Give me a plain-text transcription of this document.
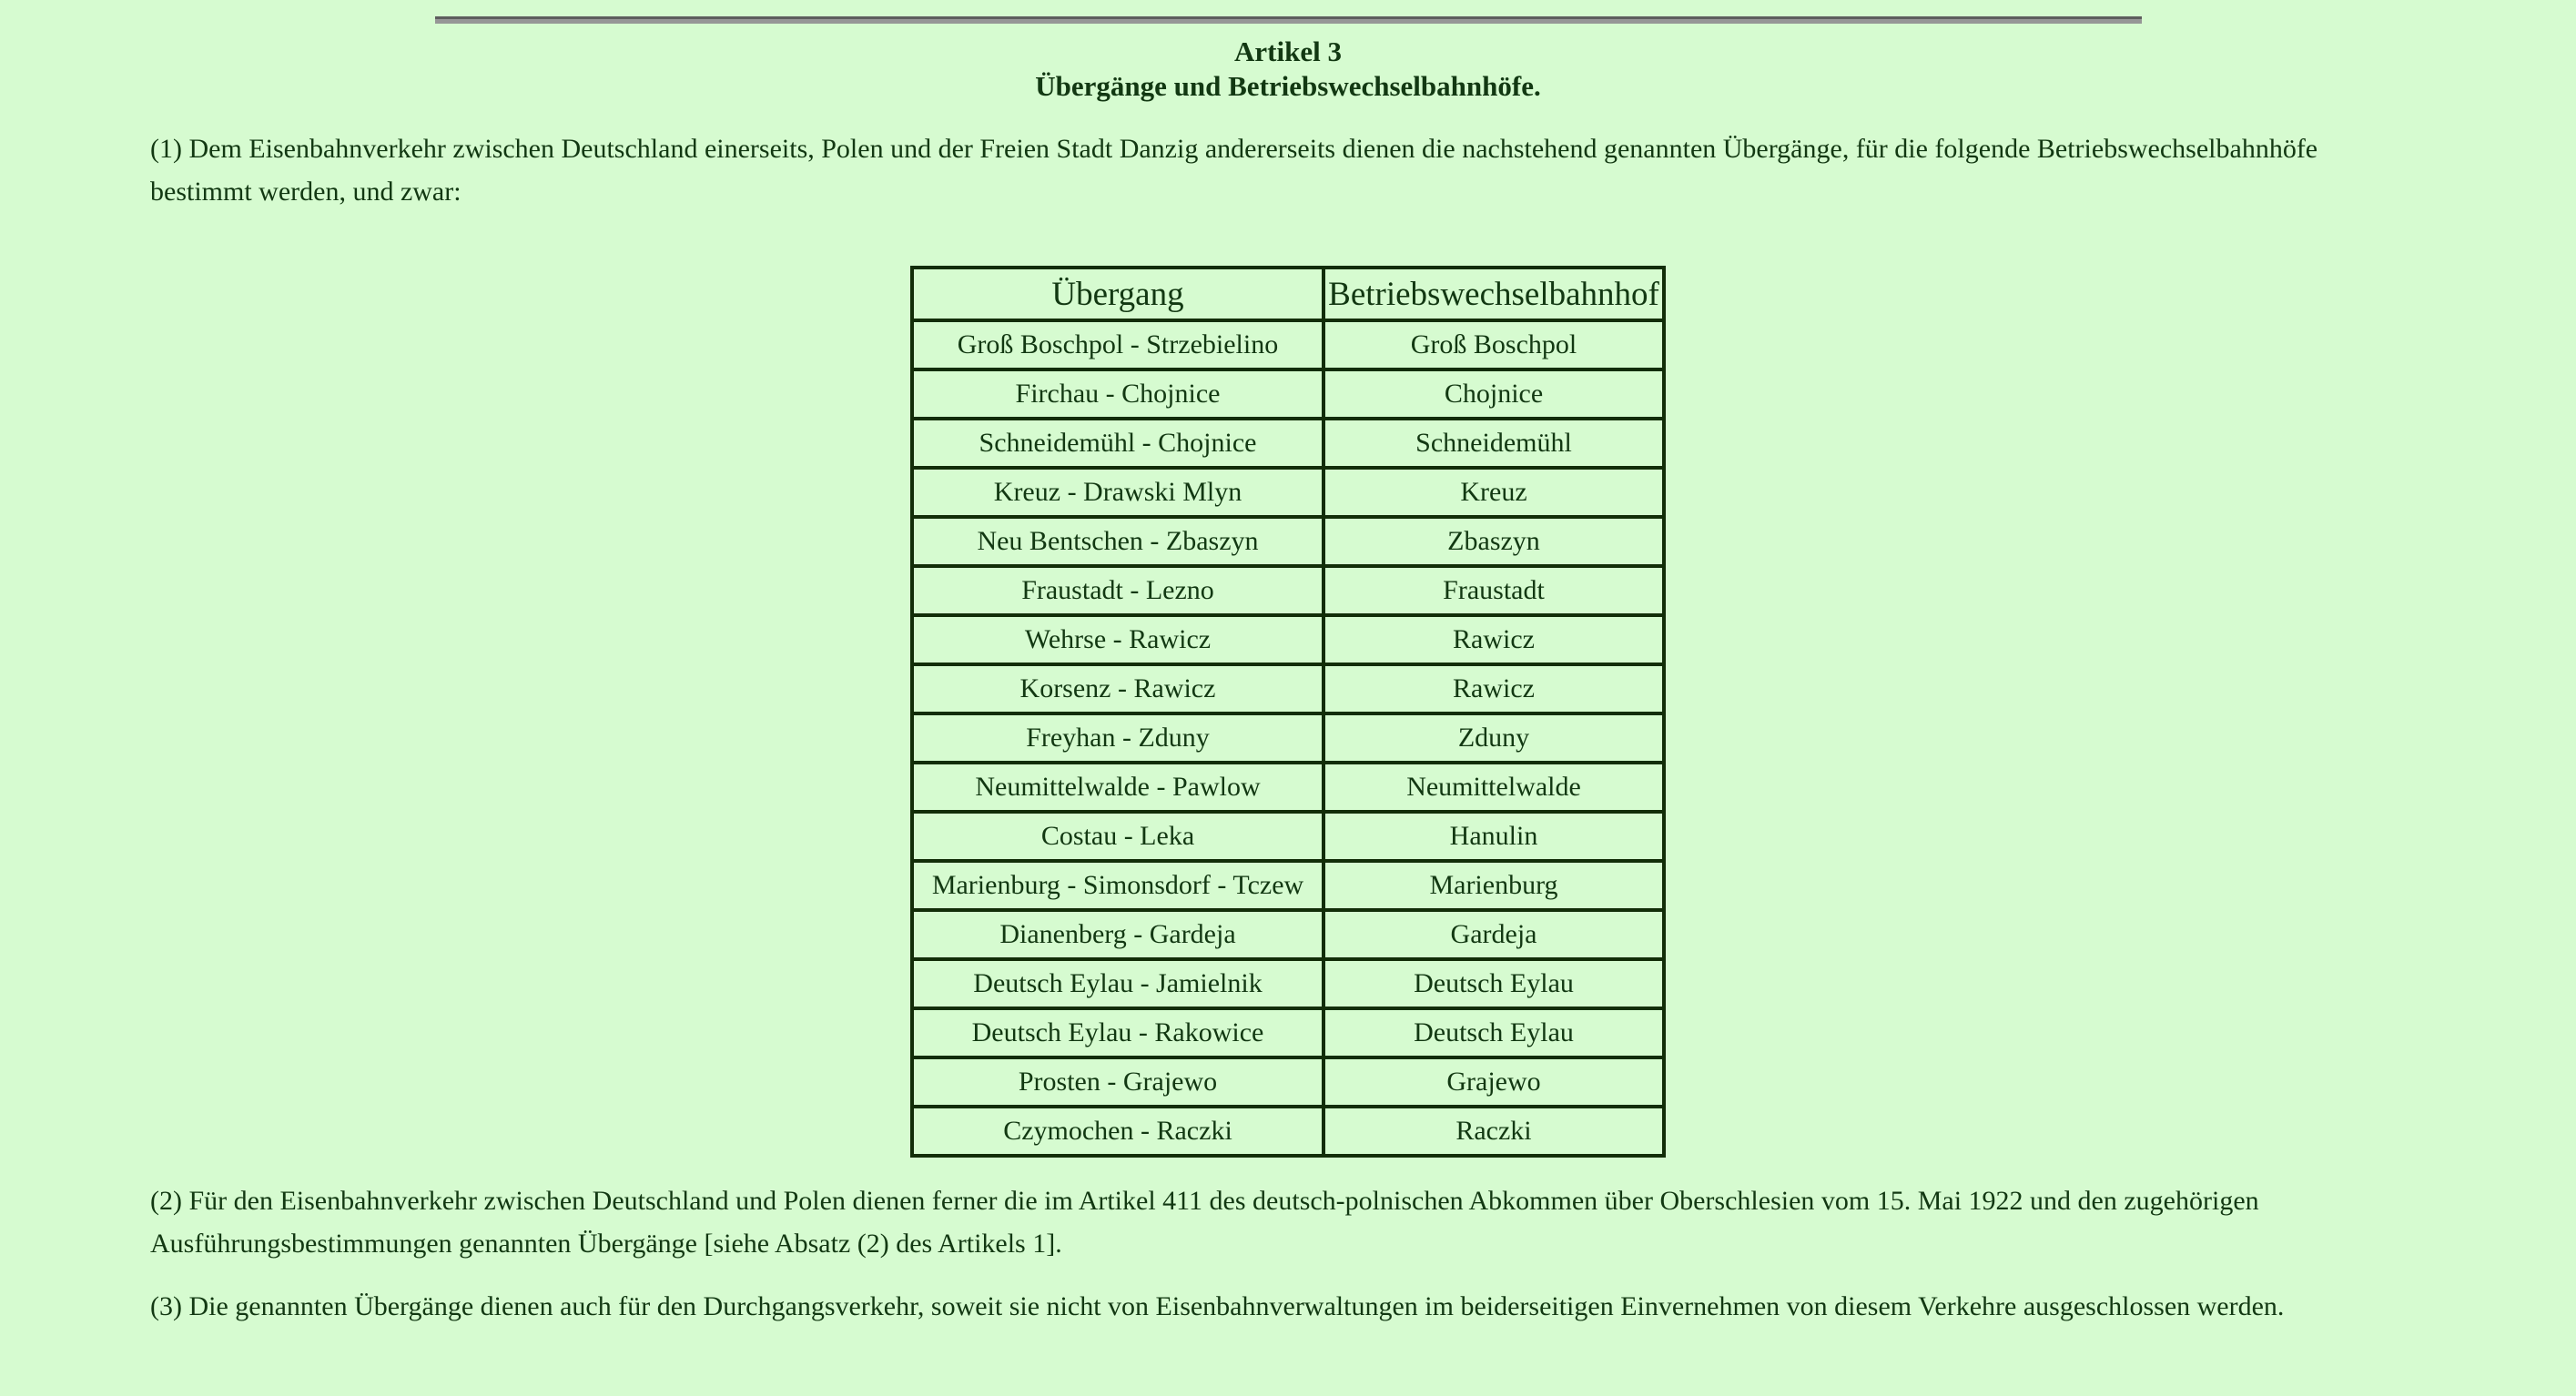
Artikel 3
Übergänge und Betriebswechselbahnhöfe.

(1) Dem Eisenbahnverkehr zwischen Deutschland einerseits, Polen und der Freien Stadt Danzig andererseits dienen die nachstehend genannten Übergänge, für die folgende Betriebswechselbahnhöfe bestimmt werden, und zwar:

Übergang	Betriebswechselbahnhof
Groß Boschpol - Strzebielino	Groß Boschpol
Firchau - Chojnice	Chojnice
Schneidemühl - Chojnice	Schneidemühl
Kreuz - Drawski Mlyn	Kreuz
Neu Bentschen - Zbaszyn	Zbaszyn
Fraustadt - Lezno	Fraustadt
Wehrse - Rawicz	Rawicz
Korsenz - Rawicz	Rawicz
Freyhan - Zduny	Zduny
Neumittelwalde - Pawlow	Neumittelwalde
Costau - Leka	Hanulin
Marienburg - Simonsdorf - Tczew	Marienburg
Dianenberg - Gardeja	Gardeja
Deutsch Eylau - Jamielnik	Deutsch Eylau
Deutsch Eylau - Rakowice	Deutsch Eylau
Prosten - Grajewo	Grajewo
Czymochen - Raczki	Raczki

(2) Für den Eisenbahnverkehr zwischen Deutschland und Polen dienen ferner die im Artikel 411 des deutsch-polnischen Abkommen über Oberschlesien vom 15. Mai 1922 und den zugehörigen Ausführungsbestimmungen genannten Übergänge [siehe Absatz (2) des Artikels 1].

(3) Die genannten Übergänge dienen auch für den Durchgangsverkehr, soweit sie nicht von Eisenbahnverwaltungen im beiderseitigen Einvernehmen von diesem Verkehre ausgeschlossen werden.
